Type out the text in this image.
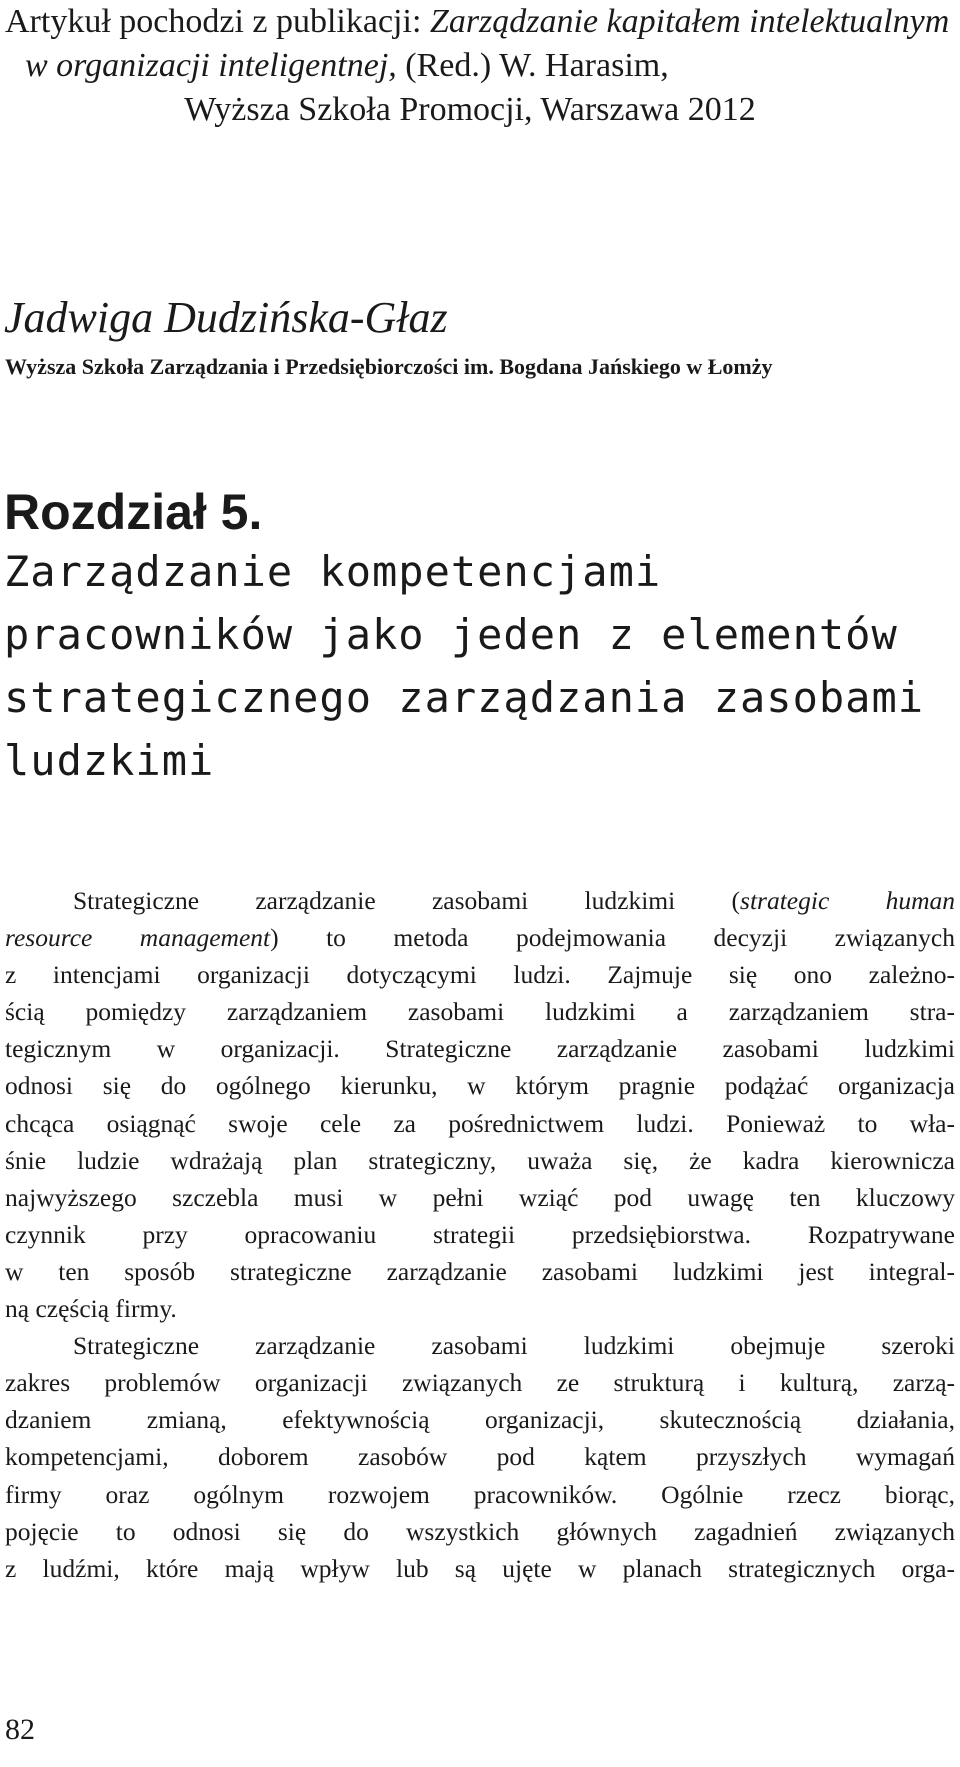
Artykuł pochodzi z publikacji: Zarządzanie kapitałem intelektualnym
w organizacji inteligentnej, (Red.) W. Harasim,
Wyższa Szkoła Promocji, Warszawa 2012
Jadwiga Dudzińska-Głaz

Wyższa Szkoła Zarządzania i Przedsiębiorczości im. Bogdana Jańskiego w Łomży

Rozdział 5.
Zarządzanie kompetencjami
pracowników jako jeden z elementów
strategicznego zarządzania zasobami
ludzkimi
Strategiczne zarządzanie zasobami ludzkimi (strategic human
resource management) to metoda podejmowania decyzji związanych
z intencjami organizacji dotyczącymi ludzi. Zajmuje się ono zależno-
ścią pomiędzy zarządzaniem zasobami ludzkimi a zarządzaniem stra-
tegicznym w organizacji. Strategiczne zarządzanie zasobami ludzkimi
odnosi się do ogólnego kierunku, w którym pragnie podążać organizacja
chcąca osiągnąć swoje cele za pośrednictwem ludzi. Ponieważ to wła-
śnie ludzie wdrażają plan strategiczny, uważa się, że kadra kierownicza
najwyższego szczebla musi w pełni wziąć pod uwagę ten kluczowy
czynnik przy opracowaniu strategii przedsiębiorstwa. Rozpatrywane
w ten sposób strategiczne zarządzanie zasobami ludzkimi jest integral-
ną częścią firmy.
Strategiczne zarządzanie zasobami ludzkimi obejmuje szeroki
zakres problemów organizacji związanych ze strukturą i kulturą, zarzą-
dzaniem zmianą, efektywnością organizacji, skutecznością działania,
kompetencjami, doborem zasobów pod kątem przyszłych wymagań
firmy oraz ogólnym rozwojem pracowników. Ogólnie rzecz biorąc,
pojęcie to odnosi się do wszystkich głównych zagadnień związanych
z ludźmi, które mają wpływ lub są ujęte w planach strategicznych orga-
82
